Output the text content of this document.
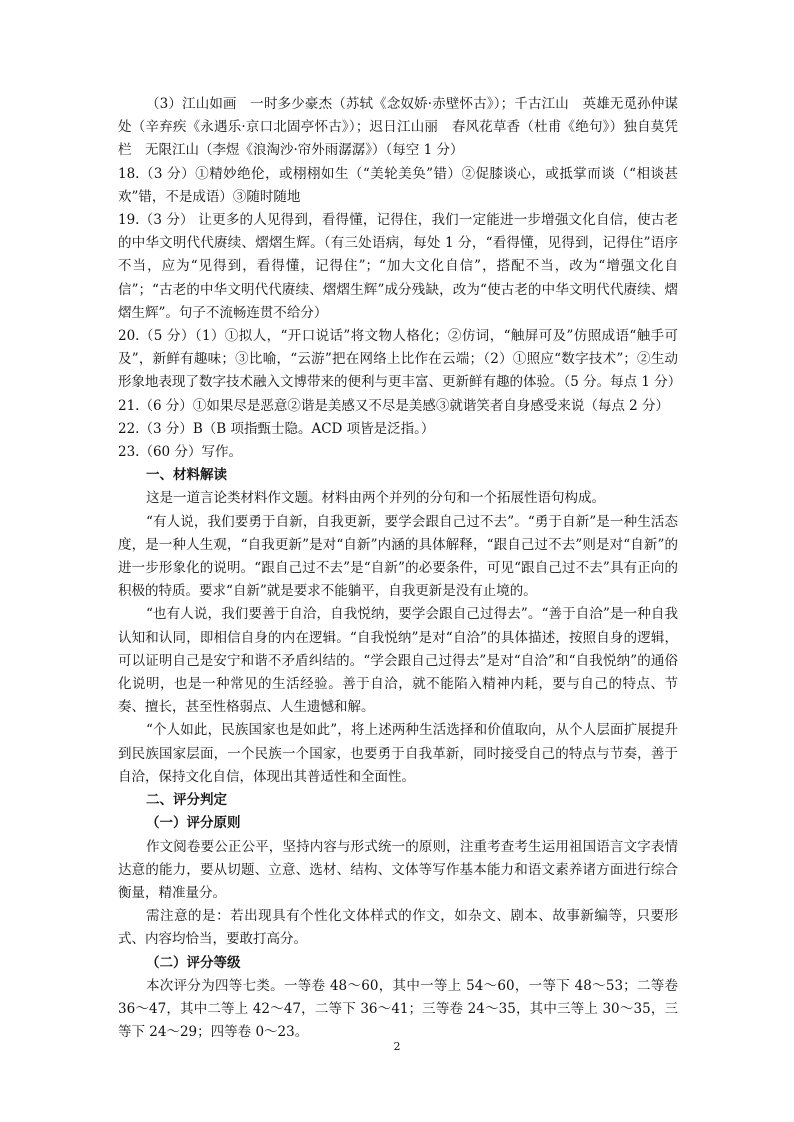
（3）江山如画　一时多少豪杰（苏轼《念奴娇·赤壁怀古》）；千古江山　英雄无觅孙仲谋处（辛弃疾《永遇乐·京口北固亭怀古》）；迟日江山丽　春风花草香（杜甫《绝句》）独自莫凭栏　无限江山（李煜《浪淘沙·帘外雨潺潺》）（每空 1 分）

18.（3 分）①精妙绝伦，或栩栩如生（“美轮美奂”错）②促膝谈心，或抵掌而谈（“相谈甚欢”错，不是成语）③随时随地

19.（3 分） 让更多的人见得到，看得懂，记得住，我们一定能进一步增强文化自信，使古老的中华文明代代赓续、熠熠生辉。（有三处语病，每处 1 分，“看得懂，见得到，记得住”语序不当，应为“见得到，看得懂，记得住”；“加大文化自信”，搭配不当，改为“增强文化自信”；“古老的中华文明代代赓续、熠熠生辉”成分残缺，改为“使古老的中华文明代代赓续、熠熠生辉”。句子不流畅连贯不给分）

20.（5 分）（1）①拟人，“开口说话”将文物人格化；②仿词，“触屏可及”仿照成语“触手可及”，新鲜有趣味；③比喻，“云游”把在网络上比作在云端；（2）①照应“数字技术”；②生动形象地表现了数字技术融入文博带来的便利与更丰富、更新鲜有趣的体验。（5 分。每点 1 分）

21.（6 分）①如果尽是恶意②谐是美感又不尽是美感③就谐笑者自身感受来说（每点 2 分）

22.（3 分）B（B 项指甄士隐。ACD 项皆是泛指。）

23.（60 分）写作。

一、材料解读

这是一道言论类材料作文题。材料由两个并列的分句和一个拓展性语句构成。

“有人说，我们要勇于自新，自我更新，要学会跟自己过不去”。“勇于自新”是一种生活态度，是一种人生观，“自我更新”是对“自新”内涵的具体解释，“跟自己过不去”则是对“自新”的进一步形象化的说明。“跟自己过不去”是“自新”的必要条件，可见“跟自己过不去”具有正向的积极的特质。要求“自新”就是要求不能躺平，自我更新是没有止境的。

“也有人说，我们要善于自洽，自我悦纳，要学会跟自己过得去”。“善于自洽”是一种自我认知和认同，即相信自身的内在逻辑。“自我悦纳”是对“自洽”的具体描述，按照自身的逻辑，可以证明自己是安宁和谐不矛盾纠结的。“学会跟自己过得去”是对“自洽”和“自我悦纳”的通俗化说明，也是一种常见的生活经验。善于自洽，就不能陷入精神内耗，要与自己的特点、节奏、擅长，甚至性格弱点、人生遗憾和解。

“个人如此，民族国家也是如此”，将上述两种生活选择和价值取向，从个人层面扩展提升到民族国家层面，一个民族一个国家，也要勇于自我革新，同时接受自己的特点与节奏，善于自洽，保持文化自信，体现出其普适性和全面性。

二、评分判定

（一）评分原则

作文阅卷要公正公平，坚持内容与形式统一的原则，注重考查考生运用祖国语言文字表情达意的能力，要从切题、立意、选材、结构、文体等写作基本能力和语文素养诸方面进行综合衡量，精准量分。

需注意的是：若出现具有个性化文体样式的作文，如杂文、剧本、故事新编等，只要形式、内容均恰当，要敢打高分。

（二）评分等级

本次评分为四等七类。一等卷 48～60，其中一等上 54～60，一等下 48～53；二等卷 36～47，其中二等上 42～47，二等下 36～41；三等卷 24～35，其中三等上 30～35，三等下 24～29；四等卷 0～23。

2
